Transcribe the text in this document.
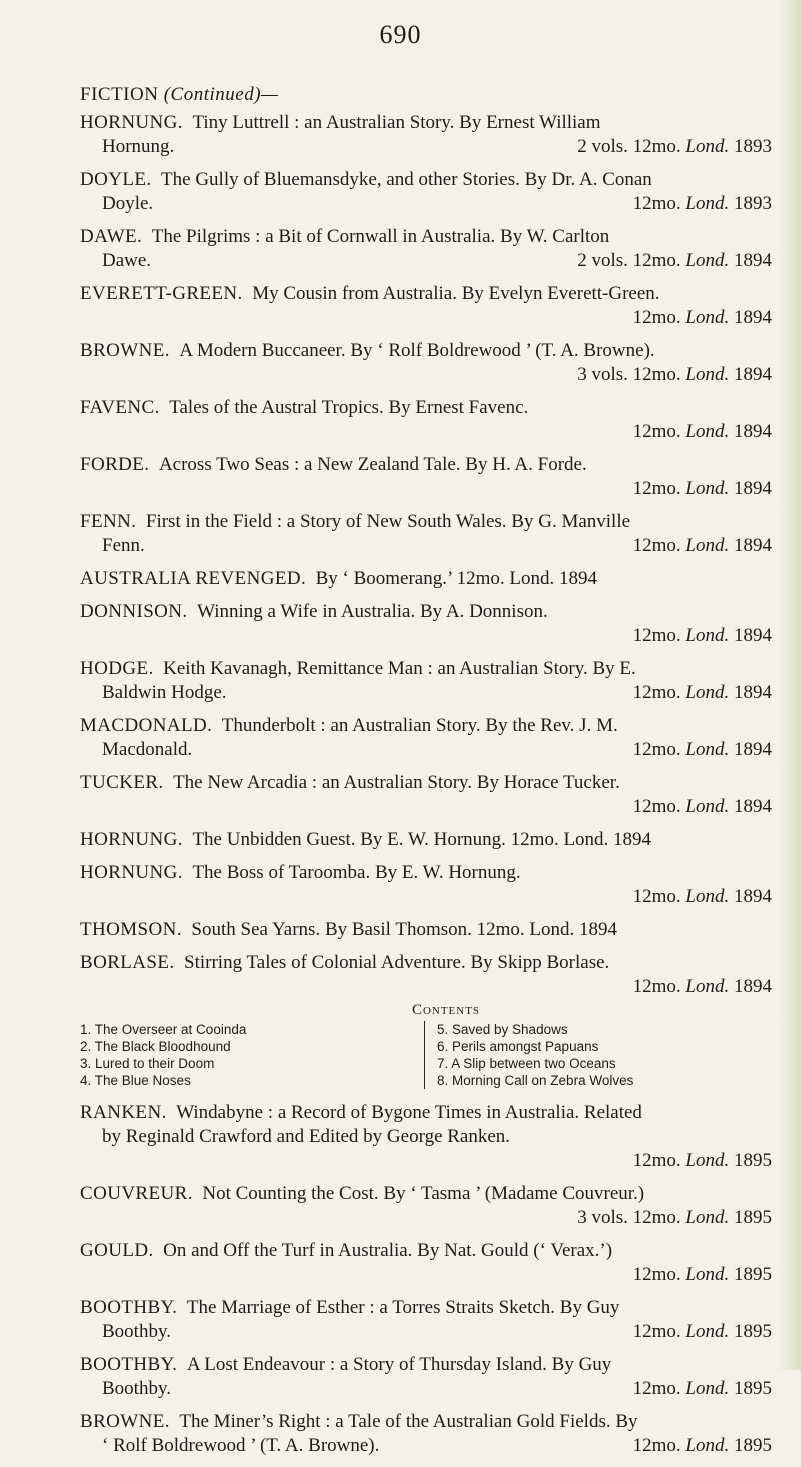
690
FICTION (Continued)—
HORNUNG.  Tiny Luttrell : an Australian Story. By Ernest William
Hornung.	2 vols. 12mo. Lond. 1893
DOYLE.  The Gully of Bluemansdyke, and other Stories. By Dr. A. Conan
Doyle.	12mo. Lond. 1893
DAWE.  The Pilgrims : a Bit of Cornwall in Australia. By W. Carlton
Dawe.	2 vols. 12mo. Lond. 1894
EVERETT-GREEN.  My Cousin from Australia. By Evelyn Everett-Green.
12mo. Lond. 1894
BROWNE.  A Modern Buccaneer. By ‘ Rolf Boldrewood ’ (T. A. Browne).
3 vols. 12mo. Lond. 1894
FAVENC.  Tales of the Austral Tropics. By Ernest Favenc.
12mo. Lond. 1894
FORDE.  Across Two Seas : a New Zealand Tale. By H. A. Forde.
12mo. Lond. 1894
FENN.  First in the Field : a Story of New South Wales. By G. Manville
Fenn.	12mo. Lond. 1894
AUSTRALIA REVENGED.  By ‘ Boomerang.’ 12mo. Lond. 1894
DONNISON.  Winning a Wife in Australia. By A. Donnison.
12mo. Lond. 1894
HODGE.  Keith Kavanagh, Remittance Man : an Australian Story. By E.
Baldwin Hodge.	12mo. Lond. 1894
MACDONALD.  Thunderbolt : an Australian Story. By the Rev. J. M.
Macdonald.	12mo. Lond. 1894
TUCKER.  The New Arcadia : an Australian Story. By Horace Tucker.
12mo. Lond. 1894
HORNUNG.  The Unbidden Guest. By E. W. Hornung. 12mo. Lond. 1894
HORNUNG.  The Boss of Taroomba. By E. W. Hornung.
12mo. Lond. 1894
THOMSON.  South Sea Yarns. By Basil Thomson. 12mo. Lond. 1894
BORLASE.  Stirring Tales of Colonial Adventure. By Skipp Borlase.
12mo. Lond. 1894
Contents
1. The Overseer at Cooinda
2. The Black Bloodhound
3. Lured to their Doom
4. The Blue Noses
5. Saved by Shadows
6. Perils amongst Papuans
7. A Slip between two Oceans
8. Morning Call on Zebra Wolves
RANKEN.  Windabyne : a Record of Bygone Times in Australia. Related
by Reginald Crawford and Edited by George Ranken.
12mo. Lond. 1895
COUVREUR.  Not Counting the Cost. By ‘ Tasma ’ (Madame Couvreur.)
3 vols. 12mo. Lond. 1895
GOULD.  On and Off the Turf in Australia. By Nat. Gould (‘ Verax.’)
12mo. Lond. 1895
BOOTHBY.  The Marriage of Esther : a Torres Straits Sketch. By Guy
Boothby.	12mo. Lond. 1895
BOOTHBY.  A Lost Endeavour : a Story of Thursday Island. By Guy
Boothby.	12mo. Lond. 1895
BROWNE.  The Miner’s Right : a Tale of the Australian Gold Fields. By
‘ Rolf Boldrewood ’ (T. A. Browne).	12mo. Lond. 1895
